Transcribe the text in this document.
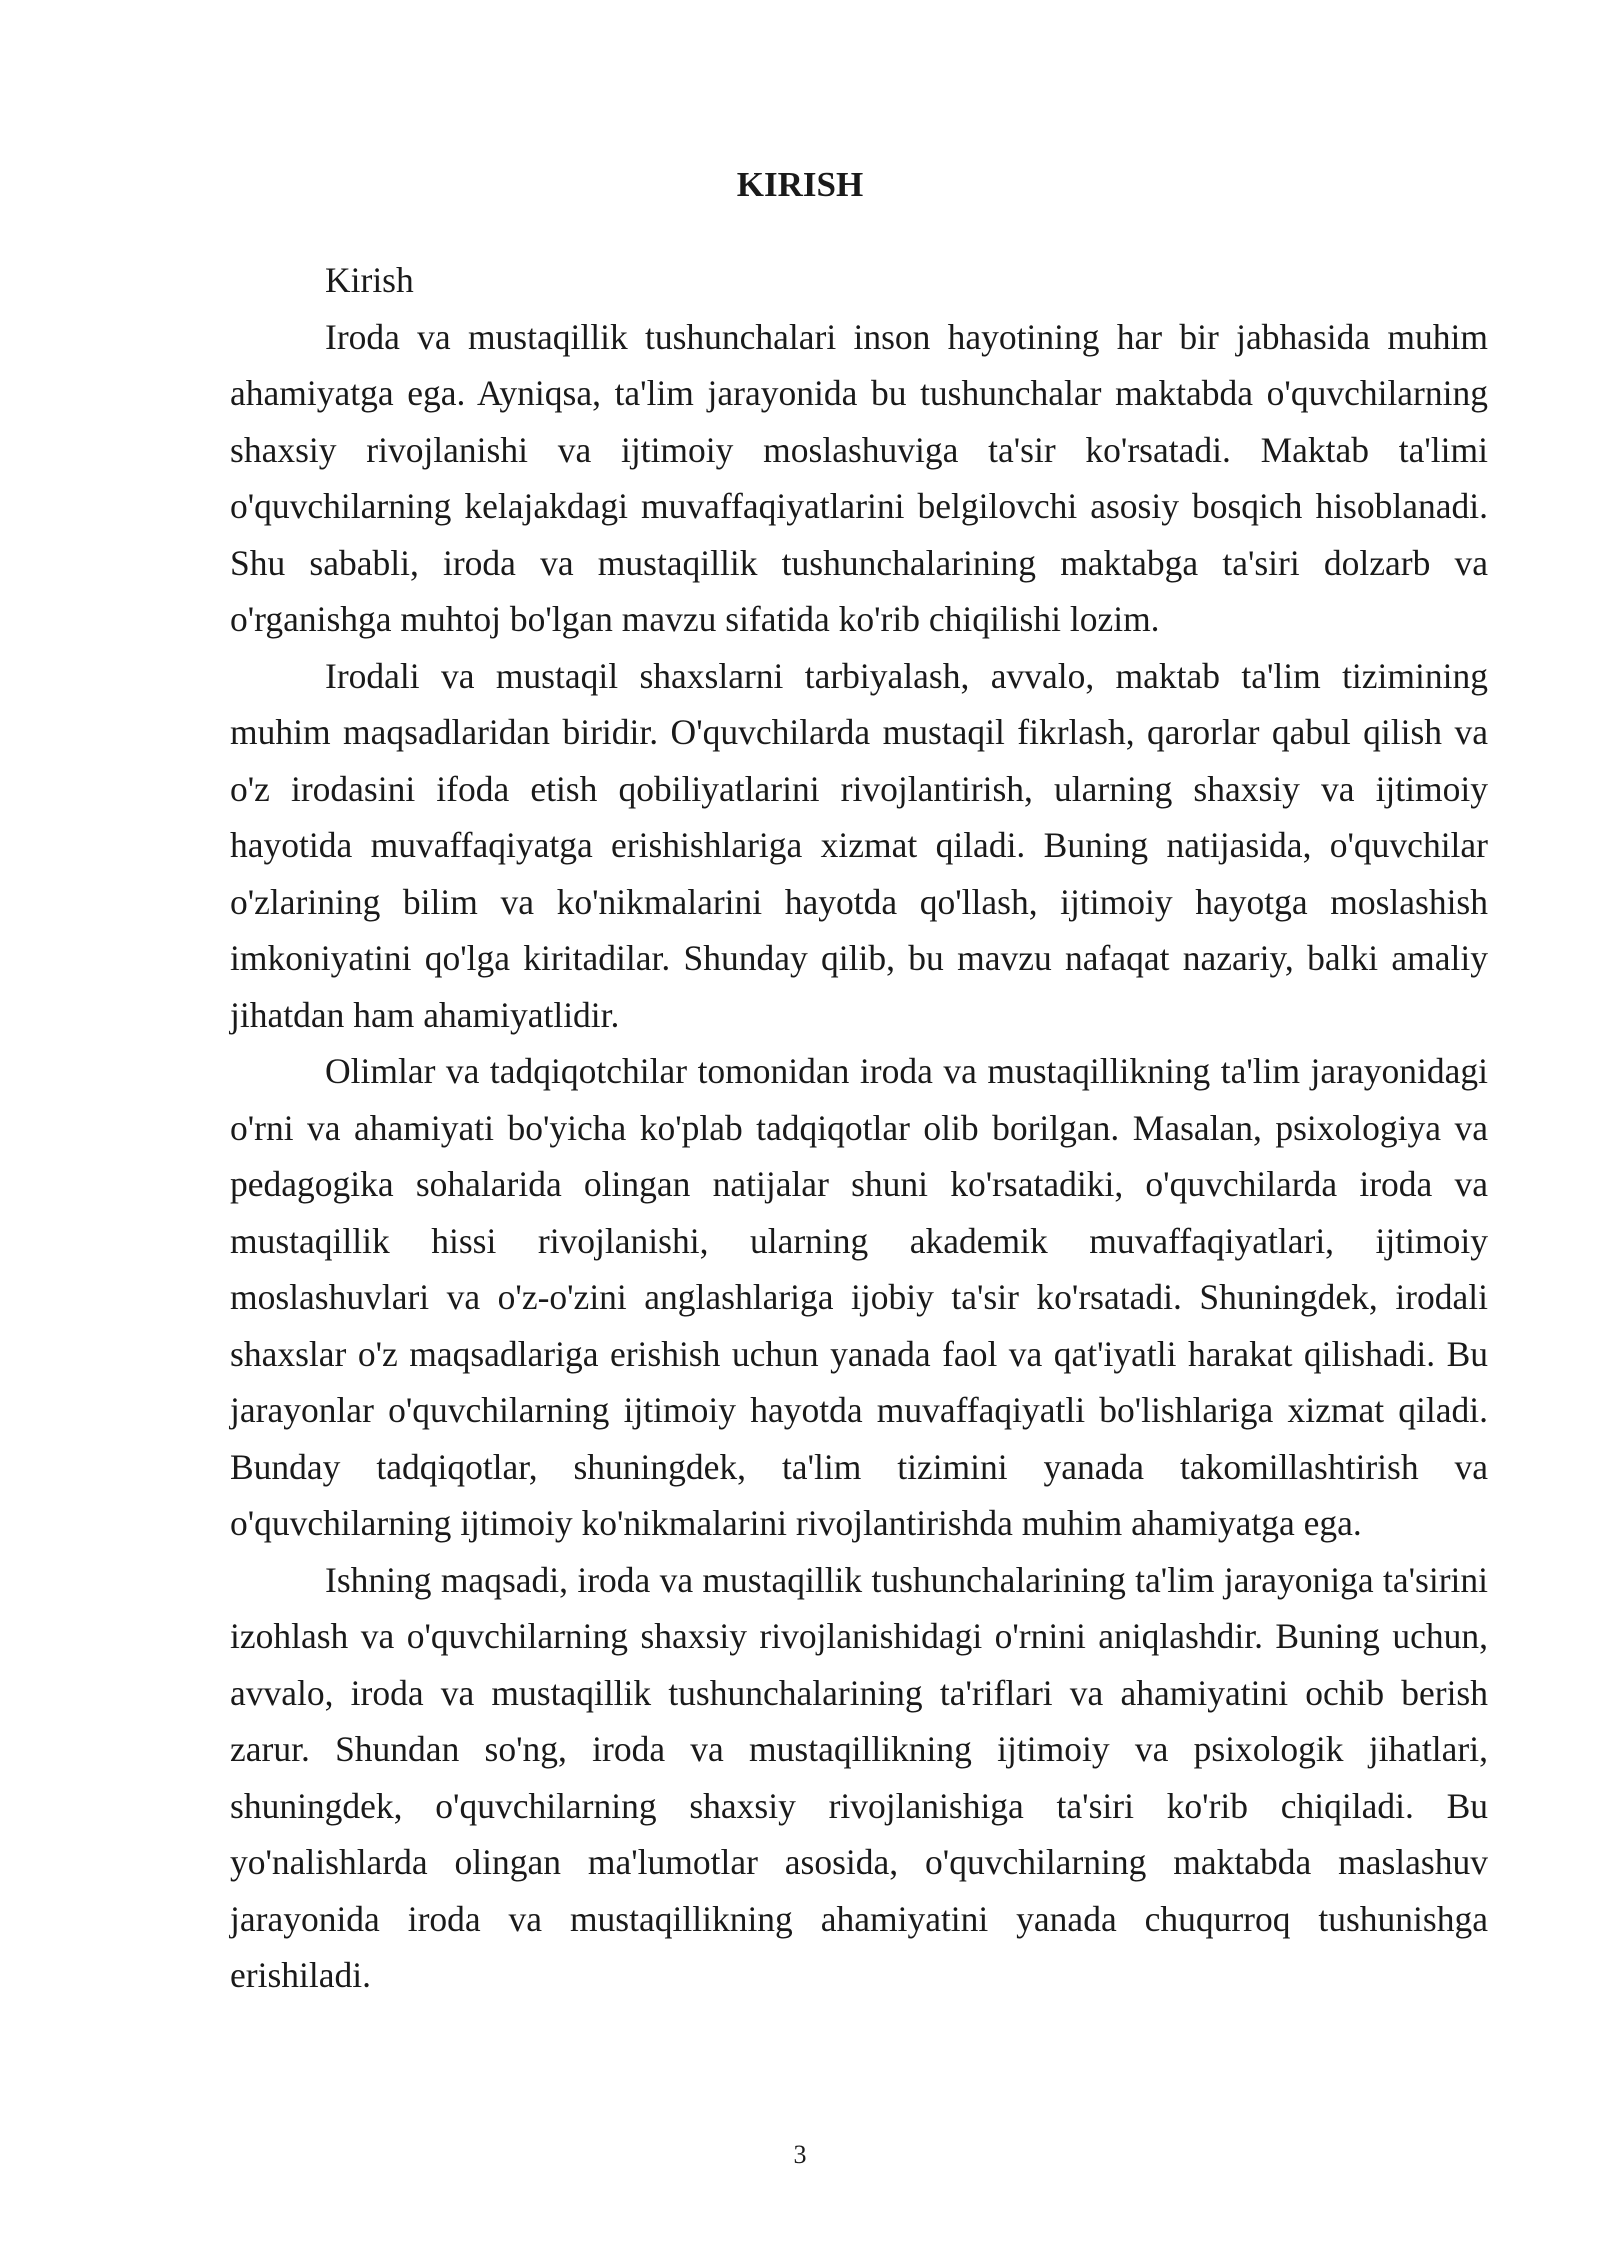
KIRISH

Kirish

Iroda va mustaqillik tushunchalari inson hayotining har bir jabhasida muhim ahamiyatga ega. Ayniqsa, ta'lim jarayonida bu tushunchalar maktabda o'quvchilarning shaxsiy rivojlanishi va ijtimoiy moslashuviga ta'sir ko'rsatadi. Maktab ta'limi o'quvchilarning kelajakdagi muvaffaqiyatlarini belgilovchi asosiy bosqich hisoblanadi. Shu sababli, iroda va mustaqillik tushunchalarining maktabga ta'siri dolzarb va o'rganishga muhtoj bo'lgan mavzu sifatida ko'rib chiqilishi lozim.

Irodali va mustaqil shaxslarni tarbiyalash, avvalo, maktab ta'lim tizimining muhim maqsadlaridan biridir. O'quvchilarda mustaqil fikrlash, qarorlar qabul qilish va o'z irodasini ifoda etish qobiliyatlarini rivojlantirish, ularning shaxsiy va ijtimoiy hayotida muvaffaqiyatga erishishlariga xizmat qiladi. Buning natijasida, o'quvchilar o'zlarining bilim va ko'nikmalarini hayotda qo'llash, ijtimoiy hayotga moslashish imkoniyatini qo'lga kiritadilar. Shunday qilib, bu mavzu nafaqat nazariy, balki amaliy jihatdan ham ahamiyatlidir.

Olimlar va tadqiqotchilar tomonidan iroda va mustaqillikning ta'lim jarayonidagi o'rni va ahamiyati bo'yicha ko'plab tadqiqotlar olib borilgan. Masalan, psixologiya va pedagogika sohalarida olingan natijalar shuni ko'rsatadiki, o'quvchilarda iroda va mustaqillik hissi rivojlanishi, ularning akademik muvaffaqiyatlari, ijtimoiy moslashuvlari va o'z-o'zini anglashlariga ijobiy ta'sir ko'rsatadi. Shuningdek, irodali shaxslar o'z maqsadlariga erishish uchun yanada faol va qat'iyatli harakat qilishadi. Bu jarayonlar o'quvchilarning ijtimoiy hayotda muvaffaqiyatli bo'lishlariga xizmat qiladi. Bunday tadqiqotlar, shuningdek, ta'lim tizimini yanada takomillashtirish va o'quvchilarning ijtimoiy ko'nikmalarini rivojlantirishda muhim ahamiyatga ega.

Ishning maqsadi, iroda va mustaqillik tushunchalarining ta'lim jarayoniga ta'sirini izohlash va o'quvchilarning shaxsiy rivojlanishidagi o'rnini aniqlashdir. Buning uchun, avvalo, iroda va mustaqillik tushunchalarining ta'riflari va ahamiyatini ochib berish zarur. Shundan so'ng, iroda va mustaqillikning ijtimoiy va psixologik jihatlari, shuningdek, o'quvchilarning shaxsiy rivojlanishiga ta'siri ko'rib chiqiladi. Bu yo'nalishlarda olingan ma'lumotlar asosida, o'quvchilarning maktabda maslashuv jarayonida iroda va mustaqillikning ahamiyatini yanada chuqurroq tushunishga erishiladi.

3
